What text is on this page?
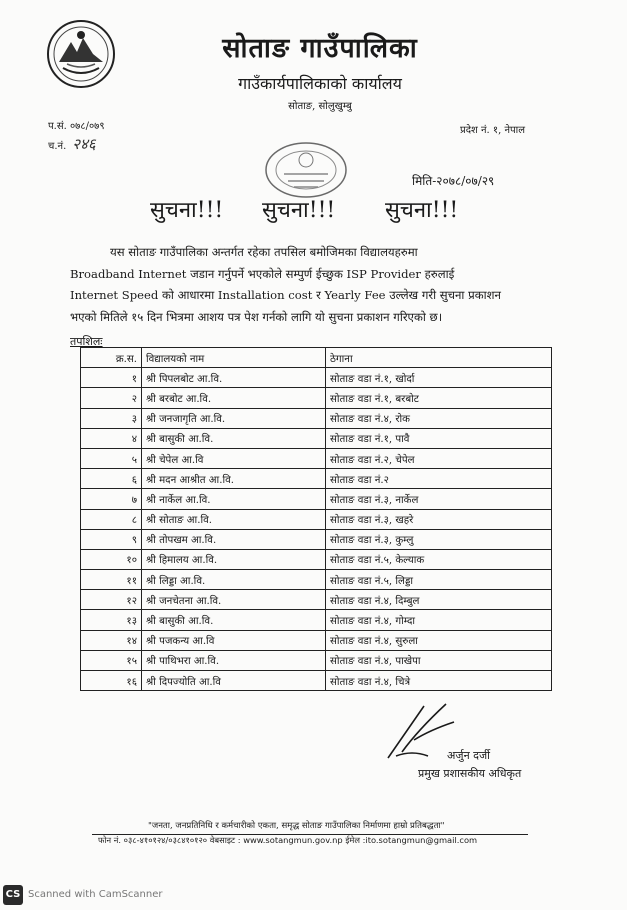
सोताङ गाउँपालिका
गाउँकार्यपालिकाको कार्यालय
सोताङ, सोलुखुम्बु
प.सं. ०७८/०७९
च.नं. २४६
प्रदेश नं. १, नेपाल
मिति-२०७८/०७/२९
सुचना!!! सुचना!!! सुचना!!!
यस सोताङ गाउँपालिका अन्तर्गत रहेका तपसिल बमोजिमका विद्यालयहरुमा
Broadband Internet जडान गर्नुपर्ने भएकोले सम्पुर्ण ईच्छुक ISP Provider हरुलाई
Internet Speed को आधारमा Installation cost र Yearly Fee उल्लेख गरी सुचना प्रकाशन
भएको मितिले १५ दिन भित्रमा आशय पत्र पेश गर्नको लागि यो सुचना प्रकाशन गरिएको छ।
तपशिलः
क्र.स.	विद्यालयको नाम	ठेगाना
१	श्री पिपलबोट आ.वि.	सोताङ वडा नं.१, खोर्दा
२	श्री बरबोट आ.वि.	सोताङ वडा नं.१, बरबोट
३	श्री जनजागृति आ.वि.	सोताङ वडा नं.४, रोक
४	श्री बासुकी आ.वि.	सोताङ वडा नं.१, पावै
५	श्री चेपेल आ.वि	सोताङ वडा नं.२, चेपेल
६	श्री मदन आश्रीत आ.वि.	सोताङ वडा नं.२
७	श्री नार्केल आ.वि.	सोताङ वडा नं.३, नार्केल
८	श्री सोताङ आ.वि.	सोताङ वडा नं.३, खहरे
९	श्री तोपखम आ.वि.	सोताङ वडा नं.३, कुम्लु
१०	श्री हिमालय आ.वि.	सोताङ वडा नं.५, केल्याक
११	श्री लिड्डा आ.वि.	सोताङ वडा नं.५, लिड्डा
१२	श्री जनचेतना आ.वि.	सोताङ वडा नं.४, दिम्बुल
१३	श्री बासुकी आ.वि.	सोताङ वडा नं.४, गोम्दा
१४	श्री पजकन्य आ.वि	सोताङ वडा नं.४, सुरुला
१५	श्री पाथिभरा आ.वि.	सोताङ वडा नं.४, पाखेपा
१६	श्री दिपज्योति आ.वि	सोताङ वडा नं.४, चित्रे
अर्जुन दर्जी
प्रमुख प्रशासकीय अधिकृत
"जनता, जनप्रतिनिधि र कर्मचारीको एकता, समृद्ध सोताङ गाउँपालिका निर्माणमा हाम्रो प्रतिबद्धता"
फोन नं. ०३८-४१०१२४/०३८४१०१२० वेबसाइट : www.sotangmun.gov.np ईमेल :ito.sotangmun@gmail.com
CS Scanned with CamScanner
